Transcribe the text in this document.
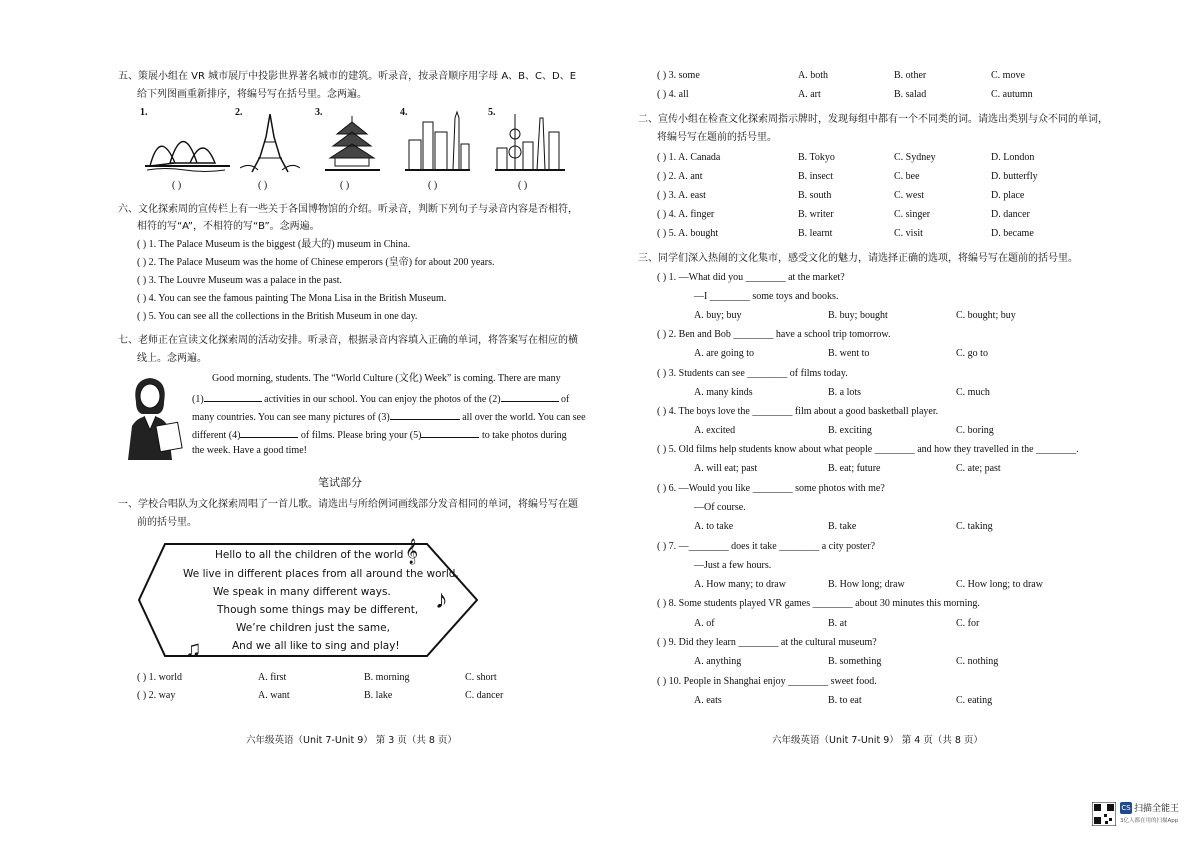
五、策展小组在 VR 城市展厅中投影世界著名城市的建筑。听录音，按录音顺序用字母 A、B、C、D、E
给下列图画重新排序，将编号写在括号里。念两遍。
1.	2.	3.	4.	5.
( )	( )	( )	( )	( )
六、文化探索周的宣传栏上有一些关于各国博物馆的介绍。听录音，判断下列句子与录音内容是否相符，
相符的写“A”，不相符的写“B”。念两遍。
( ) 1. The Palace Museum is the biggest (最大的) museum in China.
( ) 2. The Palace Museum was the home of Chinese emperors (皇帝) for about 200 years.
( ) 3. The Louvre Museum was a palace in the past.
( ) 4. You can see the famous painting The Mona Lisa in the British Museum.
( ) 5. You can see all the collections in the British Museum in one day.
七、老师正在宣读文化探索周的活动安排。听录音，根据录音内容填入正确的单词，将答案写在相应的横
线上。念两遍。
Good morning, students. The “World Culture (文化) Week” is coming. There are many
(1)	activities in our school. You can enjoy the photos of the (2)	of
many countries. You can see many pictures of (3)	all over the world. You can see
different (4)	of films. Please bring your (5)	to take photos during
the week. Have a good time!
笔试部分
一、学校合唱队为文化探索周唱了一首儿歌。请选出与所给例词画线部分发音相同的单词，将编号写在题
前的括号里。
𝄞
♪
♫
Hello to all the children of the world
We live in different places from all around the world,
We speak in many different ways.
Though some things may be different,
We’re children just the same,
And we all like to sing and play!
( ) 1. world	A. first	B. morning	C. short
( ) 2. way	A. want	B. lake	C. dancer
六年级英语（Unit 7-Unit 9） 第 3 页（共 8 页）
( ) 3. some	A. both	B. other	C. move
( ) 4. all	A. art	B. salad	C. autumn
二、宣传小组在检查文化探索周指示牌时，发现每组中都有一个不同类的词。请选出类别与众不同的单词，
将编号写在题前的括号里。
( ) 1. A. Canada	B. Tokyo	C. Sydney	D. London
( ) 2. A. ant	B. insect	C. bee	D. butterfly
( ) 3. A. east	B. south	C. west	D. place
( ) 4. A. finger	B. writer	C. singer	D. dancer
( ) 5. A. bought	B. learnt	C. visit	D. became
三、同学们深入热闹的文化集市，感受文化的魅力，请选择正确的选项，将编号写在题前的括号里。
( ) 1. —What did you ________ at the market?
—I ________ some toys and books.
A. buy; buy	B. buy; bought	C. bought; buy
( ) 2. Ben and Bob ________ have a school trip tomorrow.
A. are going to	B. went to	C. go to
( ) 3. Students can see ________ of films today.
A. many kinds	B. a lots	C. much
( ) 4. The boys love the ________ film about a good basketball player.
A. excited	B. exciting	C. boring
( ) 5. Old films help students know about what people ________ and how they travelled in the ________.
A. will eat; past	B. eat; future	C. ate; past
( ) 6. —Would you like ________ some photos with me?
—Of course.
A. to take	B. take	C. taking
( ) 7. —________ does it take ________ a city poster?
—Just a few hours.
A. How many; to draw	B. How long; draw	C. How long; to draw
( ) 8. Some students played VR games ________ about 30 minutes this morning.
A. of	B. at	C. for
( ) 9. Did they learn ________ at the cultural museum?
A. anything	B. something	C. nothing
( ) 10. People in Shanghai enjoy ________ sweet food.
A. eats	B. to eat	C. eating
六年级英语（Unit 7-Unit 9） 第 4 页（共 8 页）
CS 扫描全能王
3亿人都在用的扫描App
